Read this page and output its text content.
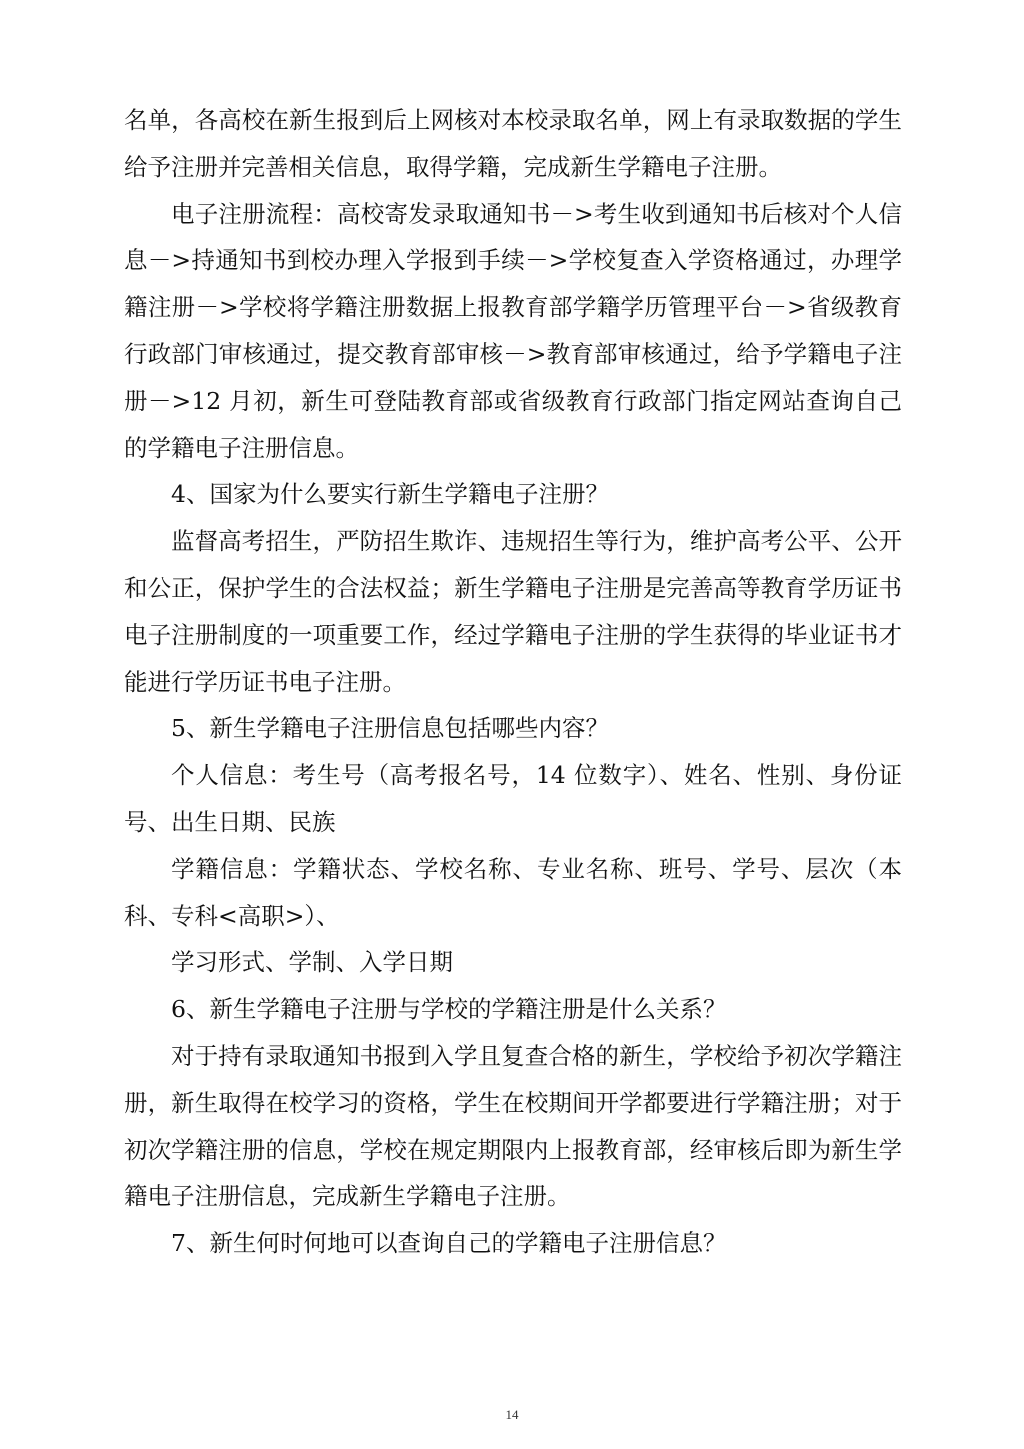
名单，各高校在新生报到后上网核对本校录取名单，网上有录取数据的学生给予注册并完善相关信息，取得学籍，完成新生学籍电子注册。

电子注册流程：高校寄发录取通知书－>考生收到通知书后核对个人信息－>持通知书到校办理入学报到手续－>学校复查入学资格通过，办理学籍注册－>学校将学籍注册数据上报教育部学籍学历管理平台－>省级教育行政部门审核通过，提交教育部审核－>教育部审核通过，给予学籍电子注册－>12 月初，新生可登陆教育部或省级教育行政部门指定网站查询自己的学籍电子注册信息。

4、国家为什么要实行新生学籍电子注册？

监督高考招生，严防招生欺诈、违规招生等行为，维护高考公平、公开和公正，保护学生的合法权益；新生学籍电子注册是完善高等教育学历证书电子注册制度的一项重要工作，经过学籍电子注册的学生获得的毕业证书才能进行学历证书电子注册。

5、新生学籍电子注册信息包括哪些内容？

个人信息：考生号（高考报名号，14 位数字）、姓名、性别、身份证号、出生日期、民族

学籍信息：学籍状态、学校名称、专业名称、班号、学号、层次（本科、专科<高职>）、

学习形式、学制、入学日期

6、新生学籍电子注册与学校的学籍注册是什么关系？

对于持有录取通知书报到入学且复查合格的新生，学校给予初次学籍注册，新生取得在校学习的资格，学生在校期间开学都要进行学籍注册；对于初次学籍注册的信息，学校在规定期限内上报教育部，经审核后即为新生学籍电子注册信息，完成新生学籍电子注册。

7、新生何时何地可以查询自己的学籍电子注册信息？

14
